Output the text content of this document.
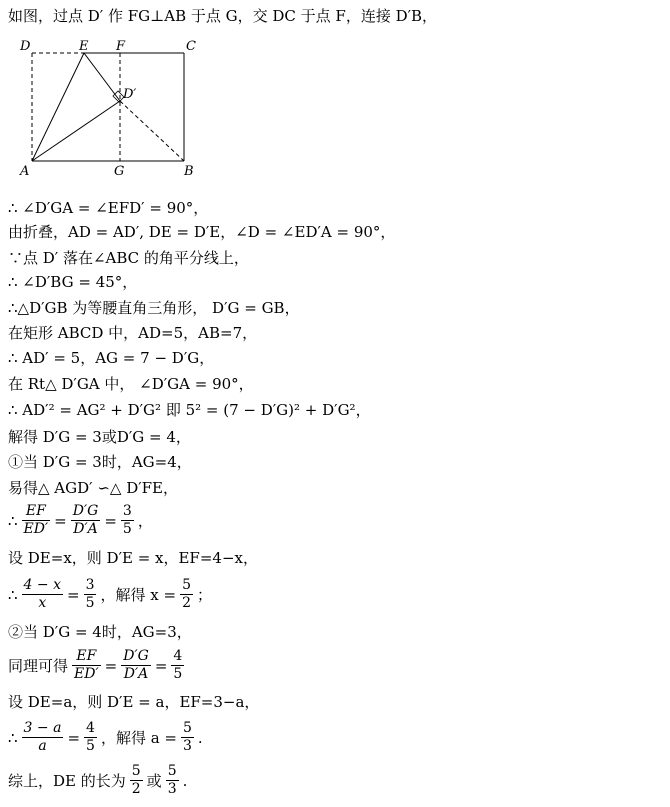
如图，过点 D′ 作 FG⊥AB 于点 G，交 DC 于点 F，连接 D′B，
D	E F	C
D′
A	G	B
∴ ∠D′GA = ∠EFD′ = 90°，
由折叠，AD = AD′, DE = D′E，∠D = ∠ED′A = 90°，
∵点 D′ 落在∠ABC 的角平分线上，
∴ ∠D′BG = 45°，
∴△D′GB 为等腰直角三角形， D′G = GB，
在矩形 ABCD 中，AD=5，AB=7，
∴ AD′ = 5，AG = 7 − D′G，
在 Rt△ D′GA 中， ∠D′GA = 90°，
∴ AD′² = AG² + D′G² 即 5² = (7 − D′G)² + D′G²，
解得 D′G = 3或D′G = 4，
①当 D′G = 3时，AG=4，
易得△ AGD′ ∽△ D′FE，
∴ $\frac{EF}{ED'} = \frac{D'G}{D'A} = \frac{3}{5}$ ，
设 DE=x，则 D′E = x，EF=4−x，
∴ $\frac{4 - x}{x} = \frac{3}{5}$ ，解得 $x = \frac{5}{2}$ ；
②当 D′G = 4时，AG=3，
同理可得 $\frac{EF}{ED'} = \frac{D'G}{D'A} = \frac{4}{5}$
设 DE=a，则 D′E = a，EF=3−a，
∴ $\frac{3 - a}{a} = \frac{4}{5}$ ，解得 $a = \frac{5}{3}$ .
综上，DE 的长为 $\frac{5}{2}$ 或 $\frac{5}{3}$ .
